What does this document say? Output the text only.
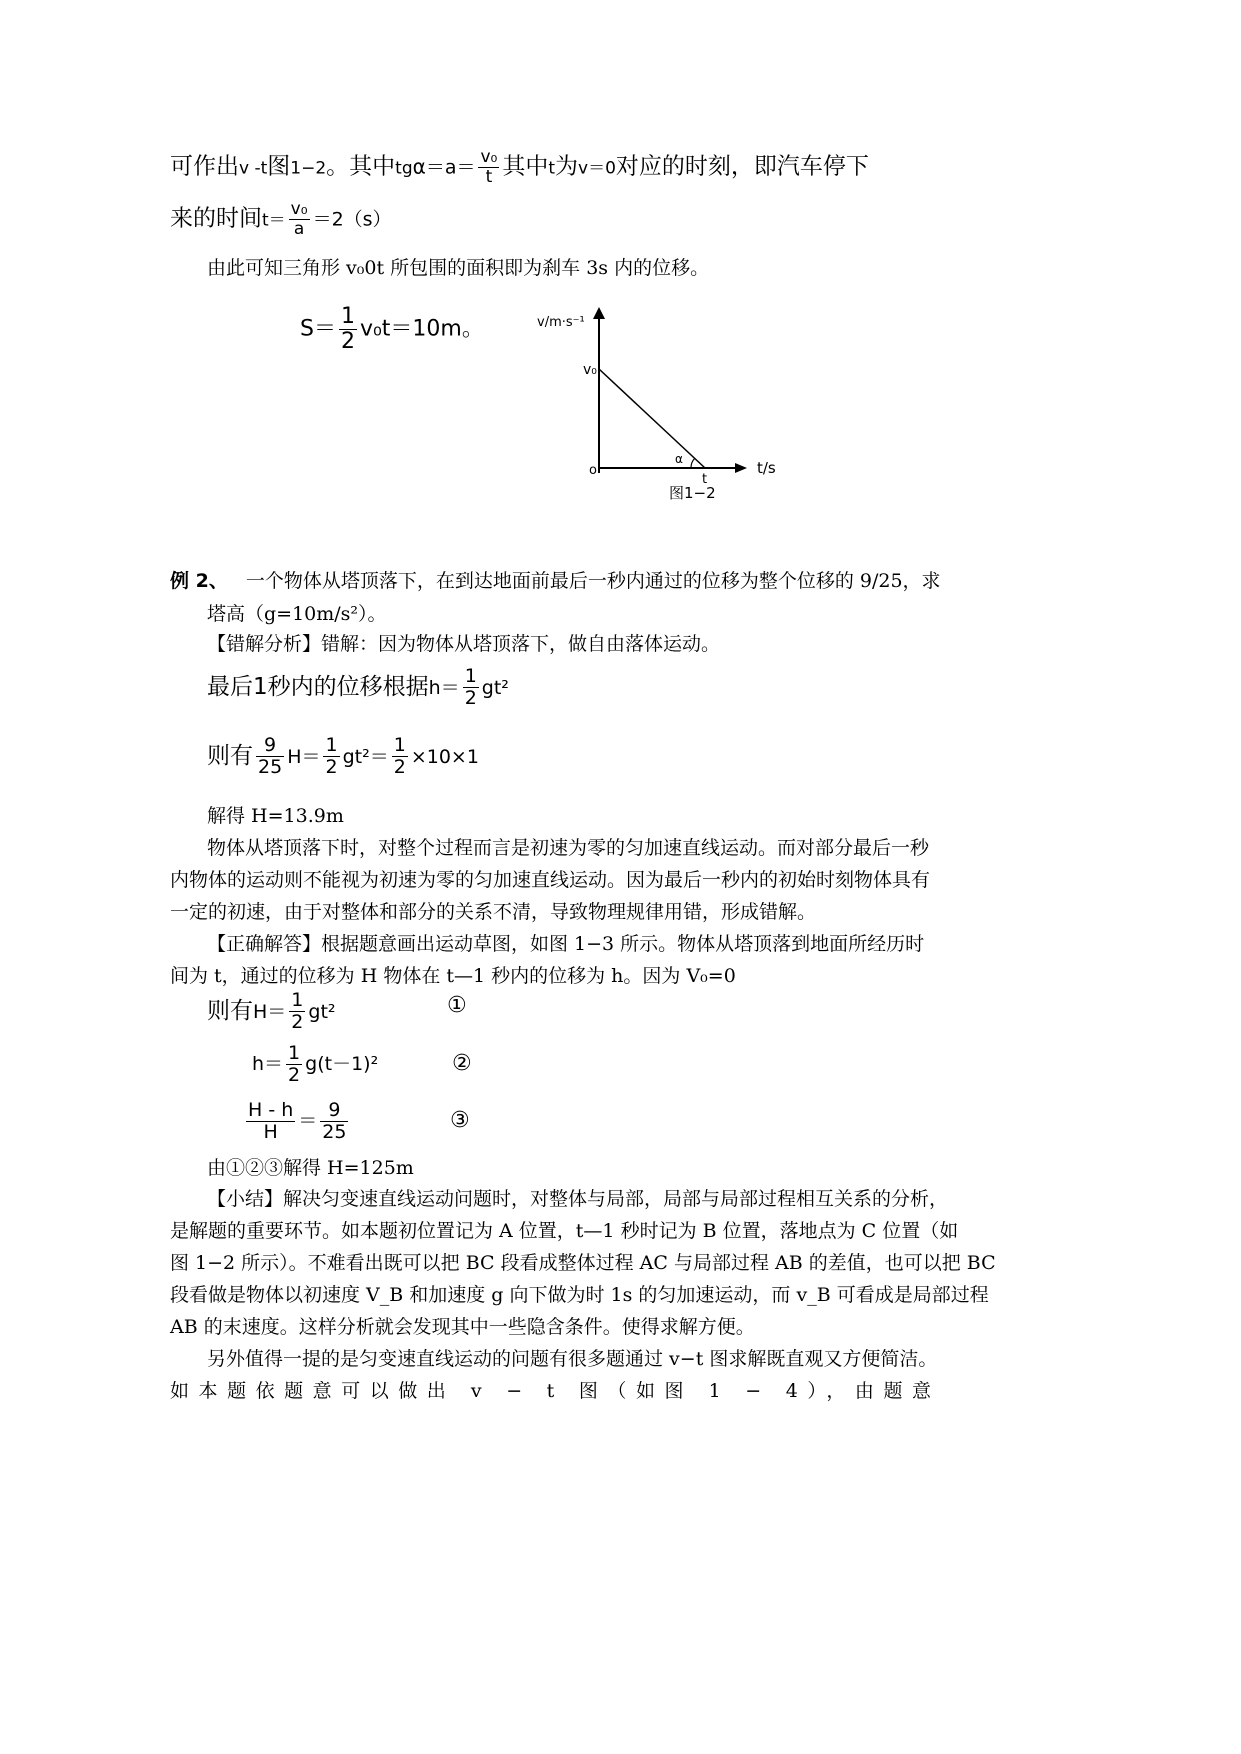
可作出v -t图1−2。其中$tg\alpha=a= \frac{\text{v₀}}{t}$ 其中t为v＝0对应的时刻，即汽车停下
来的时间$t= \frac{\text{v₀}}{a} =2(s)$
由此可知三角形 v₀0t 所包围的面积即为刹车 3s 内的位移。
$S= \frac{1}{2} v_0t=10m$。	v/m·s⁻¹
v₀
o
α
t
t/s
图1−2
例 2、 一个物体从塔顶落下，在到达地面前最后一秒内通过的位移为整个位移的 9/25，求
塔高（g=10m/s²）。
【错解分析】错解：因为物体从塔顶落下，做自由落体运动。
最后1秒内的位移根据$h= \frac{1}{2} gt^2$
则有 $\frac{9}{25} H= \frac{1}{2} gt^2= \frac{1}{2} \times 10\times 1$
解得 H=13.9m
物体从塔顶落下时，对整个过程而言是初速为零的匀加速直线运动。而对部分最后一秒
内物体的运动则不能视为初速为零的匀加速直线运动。因为最后一秒内的初始时刻物体具有
一定的初速，由于对整体和部分的关系不清，导致物理规律用错，形成错解。
【正确解答】根据题意画出运动草图，如图 1−3 所示。物体从塔顶落到地面所经历时
间为 t，通过的位移为 H 物体在 t—1 秒内的位移为 h。因为 V₀=0
则有$H= \frac{1}{2} gt^2$	①
$h= \frac{1}{2} g(t-1)^2$	②
$\frac{H - h}{H} = \frac{9}{25}$	③
由①②③解得 H=125m
【小结】解决匀变速直线运动问题时，对整体与局部，局部与局部过程相互关系的分析，
是解题的重要环节。如本题初位置记为 A 位置，t—1 秒时记为 B 位置，落地点为 C 位置（如
图 1−2 所示）。不难看出既可以把 BC 段看成整体过程 AC 与局部过程 AB 的差值，也可以把 BC
段看做是物体以初速度 V_B 和加速度 g 向下做为时 1s 的匀加速运动，而 v_B 可看成是局部过程
AB 的末速度。这样分析就会发现其中一些隐含条件。使得求解方便。
另外值得一提的是匀变速直线运动的问题有很多题通过 v−t 图求解既直观又方便简洁。
如本题依题意可以做出 v − t 图（如图 1 − 4），由题意
